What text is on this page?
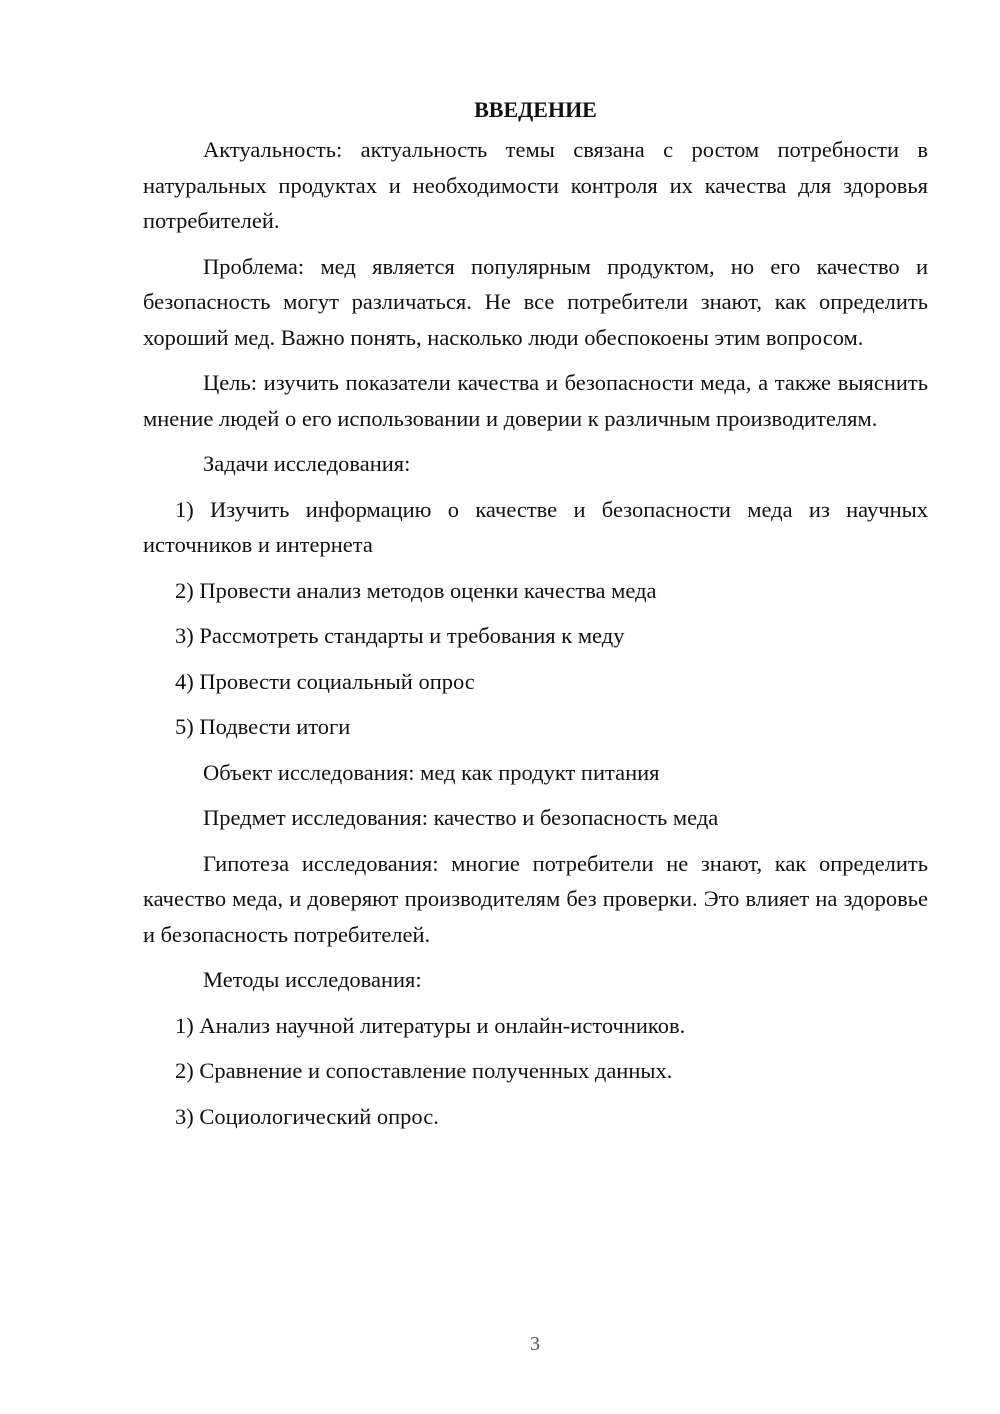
ВВЕДЕНИЕ

Актуальность: актуальность темы связана с ростом потребности в натуральных продуктах и необходимости контроля их качества для здоровья потребителей.

Проблема: мед является популярным продуктом, но его качество и безопасность могут различаться. Не все потребители знают, как определить хороший мед. Важно понять, насколько люди обеспокоены этим вопросом.

Цель: изучить показатели качества и безопасности меда, а также выяснить мнение людей о его использовании и доверии к различным производителям.

Задачи исследования:

1) Изучить информацию о качестве и безопасности меда из научных источников и интернета

2) Провести анализ методов оценки качества меда
3) Рассмотреть стандарты и требования к меду
4) Провести социальный опрос
5) Подвести итоги
Объект исследования: мед как продукт питания
Предмет исследования: качество и безопасность меда

Гипотеза исследования: многие потребители не знают, как определить качество меда, и доверяют производителям без проверки. Это влияет на здоровье и безопасность потребителей.

Методы исследования:
1) Анализ научной литературы и онлайн-источников.
2) Сравнение и сопоставление полученных данных.
3) Социологический опрос.
3
